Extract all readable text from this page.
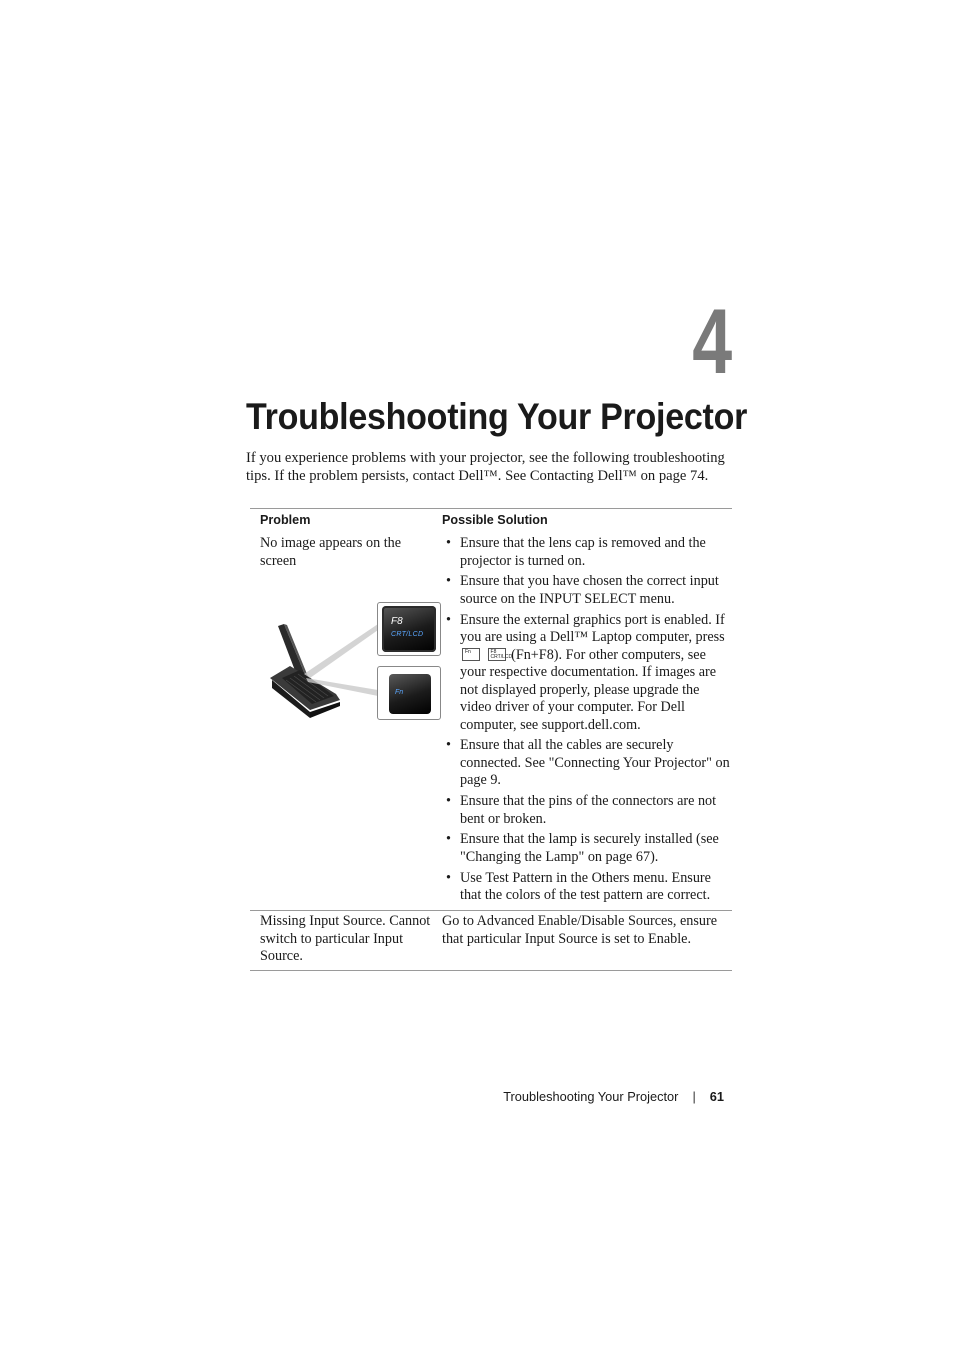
4
Troubleshooting Your Projector

If you experience problems with your projector, see the following troubleshooting tips. If the problem persists, contact Dell™. See Contacting Dell™ on page 74.

Problem	Possible Solution
No image appears on the screen
F8
CRT/LCD
Fn
• Ensure that the lens cap is removed and the projector is turned on.
• Ensure that you have chosen the correct input source on the INPUT SELECT menu.
• Ensure the external graphics port is enabled. If you are using a Dell™ Laptop computer, press
Fn
	F8 CRT/LCD
(Fn+F8). For other computers, see your respective documentation. If images are not displayed properly, please upgrade the video driver of your computer. For Dell computer, see support.dell.com.
• Ensure that all the cables are securely connected. See "Connecting Your Projector" on page 9.
• Ensure that the pins of the connectors are not bent or broken.
• Ensure that the lamp is securely installed (see "Changing the Lamp" on page 67).
• Use Test Pattern in the Others menu. Ensure that the colors of the test pattern are correct.
Missing Input Source. Cannot switch to particular Input Source.
Go to Advanced Enable/Disable Sources, ensure that particular Input Source is set to Enable.
Troubleshooting Your Projector | 61
